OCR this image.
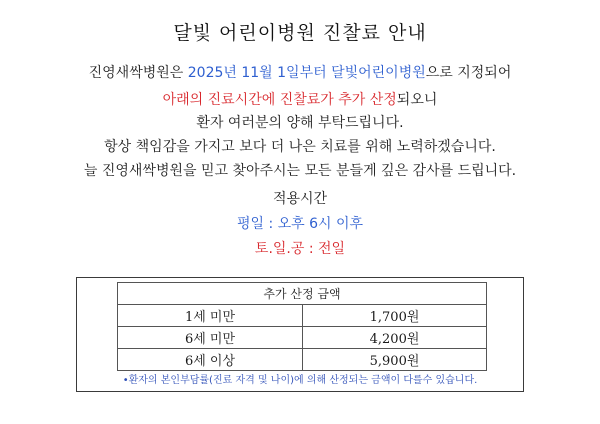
달빛 어린이병원 진찰료 안내
진영새싹병원은 2025년 11월 1일부터 달빛어린이병원으로 지정되어
아래의 진료시간에 진찰료가 추가 산정되오니
환자 여러분의 양해 부탁드립니다.
항상 책임감을 가지고 보다 더 나은 치료를 위해 노력하겠습니다.
늘 진영새싹병원을 믿고 찾아주시는 모든 분들게 깊은 감사를 드립니다.
적용시간
평일 : 오후 6시 이후
토.일.공 : 전일
추가 산정 금액	
1세 미만	1,700원
6세 미만	4,200원
6세 이상	5,900원
•환자의 본인부담률(진료 자격 및 나이)에 의해 산정되는 금액이 다를수 있습니다.
